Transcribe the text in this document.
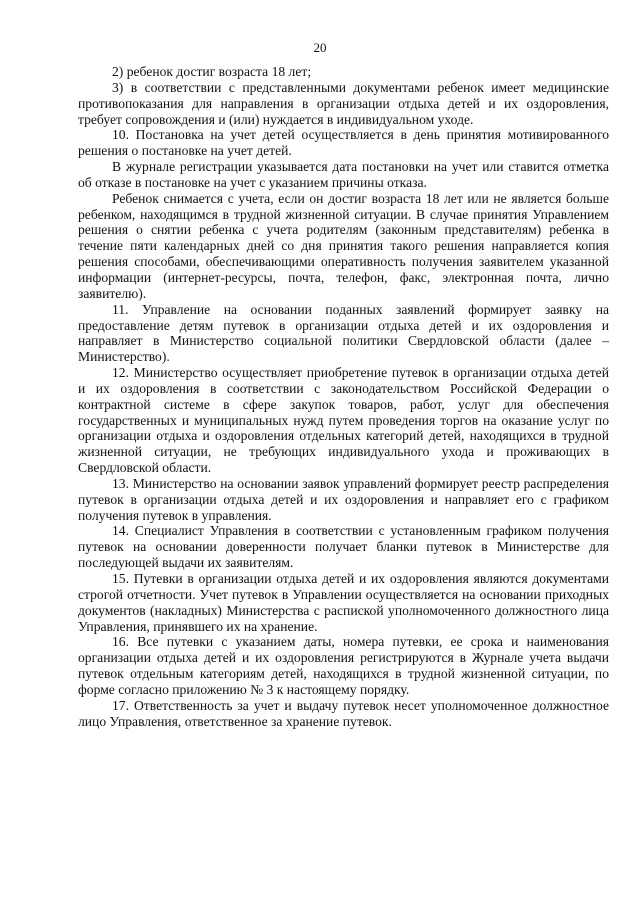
20

2) ребенок достиг возраста 18 лет;

3) в соответствии с представленными документами ребенок имеет медицинские противопоказания для направления в организации отдыха детей и их оздоровления, требует сопровождения и (или) нуждается в индивидуальном уходе.

10. Постановка на учет детей осуществляется в день принятия мотивированного решения о постановке на учет детей.

В журнале регистрации указывается дата постановки на учет или ставится отметка об отказе в постановке на учет с указанием причины отказа.

Ребенок снимается с учета, если он достиг возраста 18 лет или не является больше ребенком, находящимся в трудной жизненной ситуации. В случае принятия Управлением решения о снятии ребенка с учета родителям (законным представителям) ребенка в течение пяти календарных дней со дня принятия такого решения направляется копия решения способами, обеспечивающими оперативность получения заявителем указанной информации (интернет-ресурсы, почта, телефон, факс, электронная почта, лично заявителю).

11. Управление на основании поданных заявлений формирует заявку на предоставление детям путевок в организации отдыха детей и их оздоровления и направляет в Министерство социальной политики Свердловской области (далее – Министерство).

12. Министерство осуществляет приобретение путевок в организации отдыха детей и их оздоровления в соответствии с законодательством Российской Федерации о контрактной системе в сфере закупок товаров, работ, услуг для обеспечения государственных и муниципальных нужд путем проведения торгов на оказание услуг по организации отдыха и оздоровления отдельных категорий детей, находящихся в трудной жизненной ситуации, не требующих индивидуального ухода и проживающих в Свердловской области.

13. Министерство на основании заявок управлений формирует реестр распределения путевок в организации отдыха детей и их оздоровления и направляет его с графиком получения путевок в управления.

14. Специалист Управления в соответствии с установленным графиком получения путевок на основании доверенности получает бланки путевок в Министерстве для последующей выдачи их заявителям.

15. Путевки в организации отдыха детей и их оздоровления являются документами строгой отчетности. Учет путевок в Управлении осуществляется на основании приходных документов (накладных) Министерства с распиской уполномоченного должностного лица Управления, принявшего их на хранение.

16. Все путевки с указанием даты, номера путевки, ее срока и наименования организации отдыха детей и их оздоровления регистрируются в Журнале учета выдачи путевок отдельным категориям детей, находящихся в трудной жизненной ситуации, по форме согласно приложению № 3 к настоящему порядку.

17. Ответственность за учет и выдачу путевок несет уполномоченное должностное лицо Управления, ответственное за хранение путевок.
